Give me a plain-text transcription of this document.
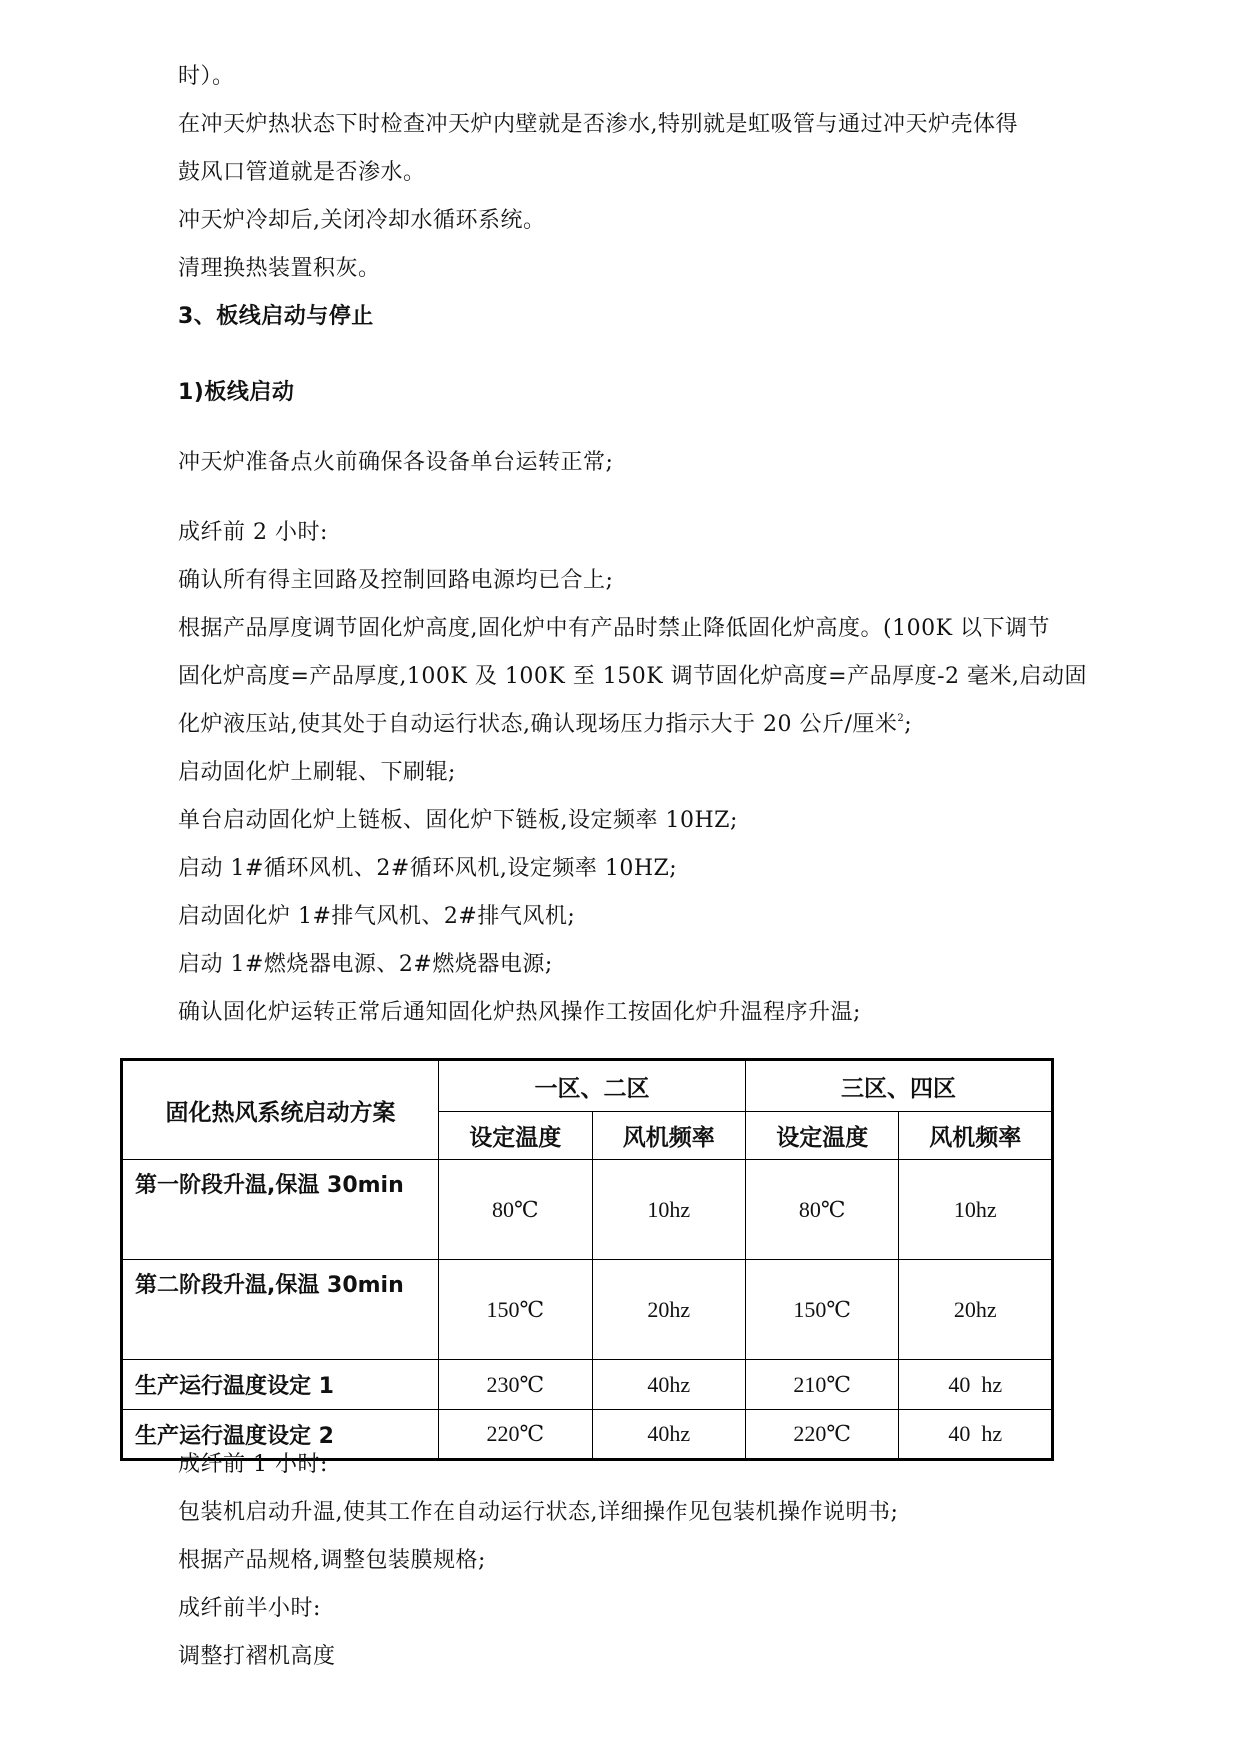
时）。
在冲天炉热状态下时检查冲天炉内壁就是否渗水,特别就是虹吸管与通过冲天炉壳体得
鼓风口管道就是否渗水。
冲天炉冷却后,关闭冷却水循环系统。
清理换热装置积灰。
3、板线启动与停止
1)板线启动
冲天炉准备点火前确保各设备单台运转正常;
成纤前 2 小时:
确认所有得主回路及控制回路电源均已合上;
根据产品厚度调节固化炉高度,固化炉中有产品时禁止降低固化炉高度。(100K 以下调节
固化炉高度=产品厚度,100K 及 100K 至 150K 调节固化炉高度=产品厚度-2 毫米,启动固
化炉液压站,使其处于自动运行状态,确认现场压力指示大于 20 公斤/厘米$^2$;
启动固化炉上刷辊、下刷辊;
单台启动固化炉上链板、固化炉下链板,设定频率 10HZ;
启动 1#循环风机、2#循环风机,设定频率 10HZ;
启动固化炉 1#排气风机、2#排气风机;
启动 1#燃烧器电源、2#燃烧器电源;
确认固化炉运转正常后通知固化炉热风操作工按固化炉升温程序升温;
固化热风系统启动方案	一区、二区		三区、四区	
	设定温度	风机频率	设定温度	风机频率
第一阶段升温,保温 30min	80℃	10hz	80℃	10hz
第二阶段升温,保温 30min	150℃	20hz	150℃	20hz
生产运行温度设定 1	230℃	40hz	210℃	40  hz
生产运行温度设定 2	220℃	40hz	220℃	40  hz
成纤前 1 小时:
包装机启动升温,使其工作在自动运行状态,详细操作见包装机操作说明书;
根据产品规格,调整包装膜规格;
成纤前半小时:
调整打褶机高度
